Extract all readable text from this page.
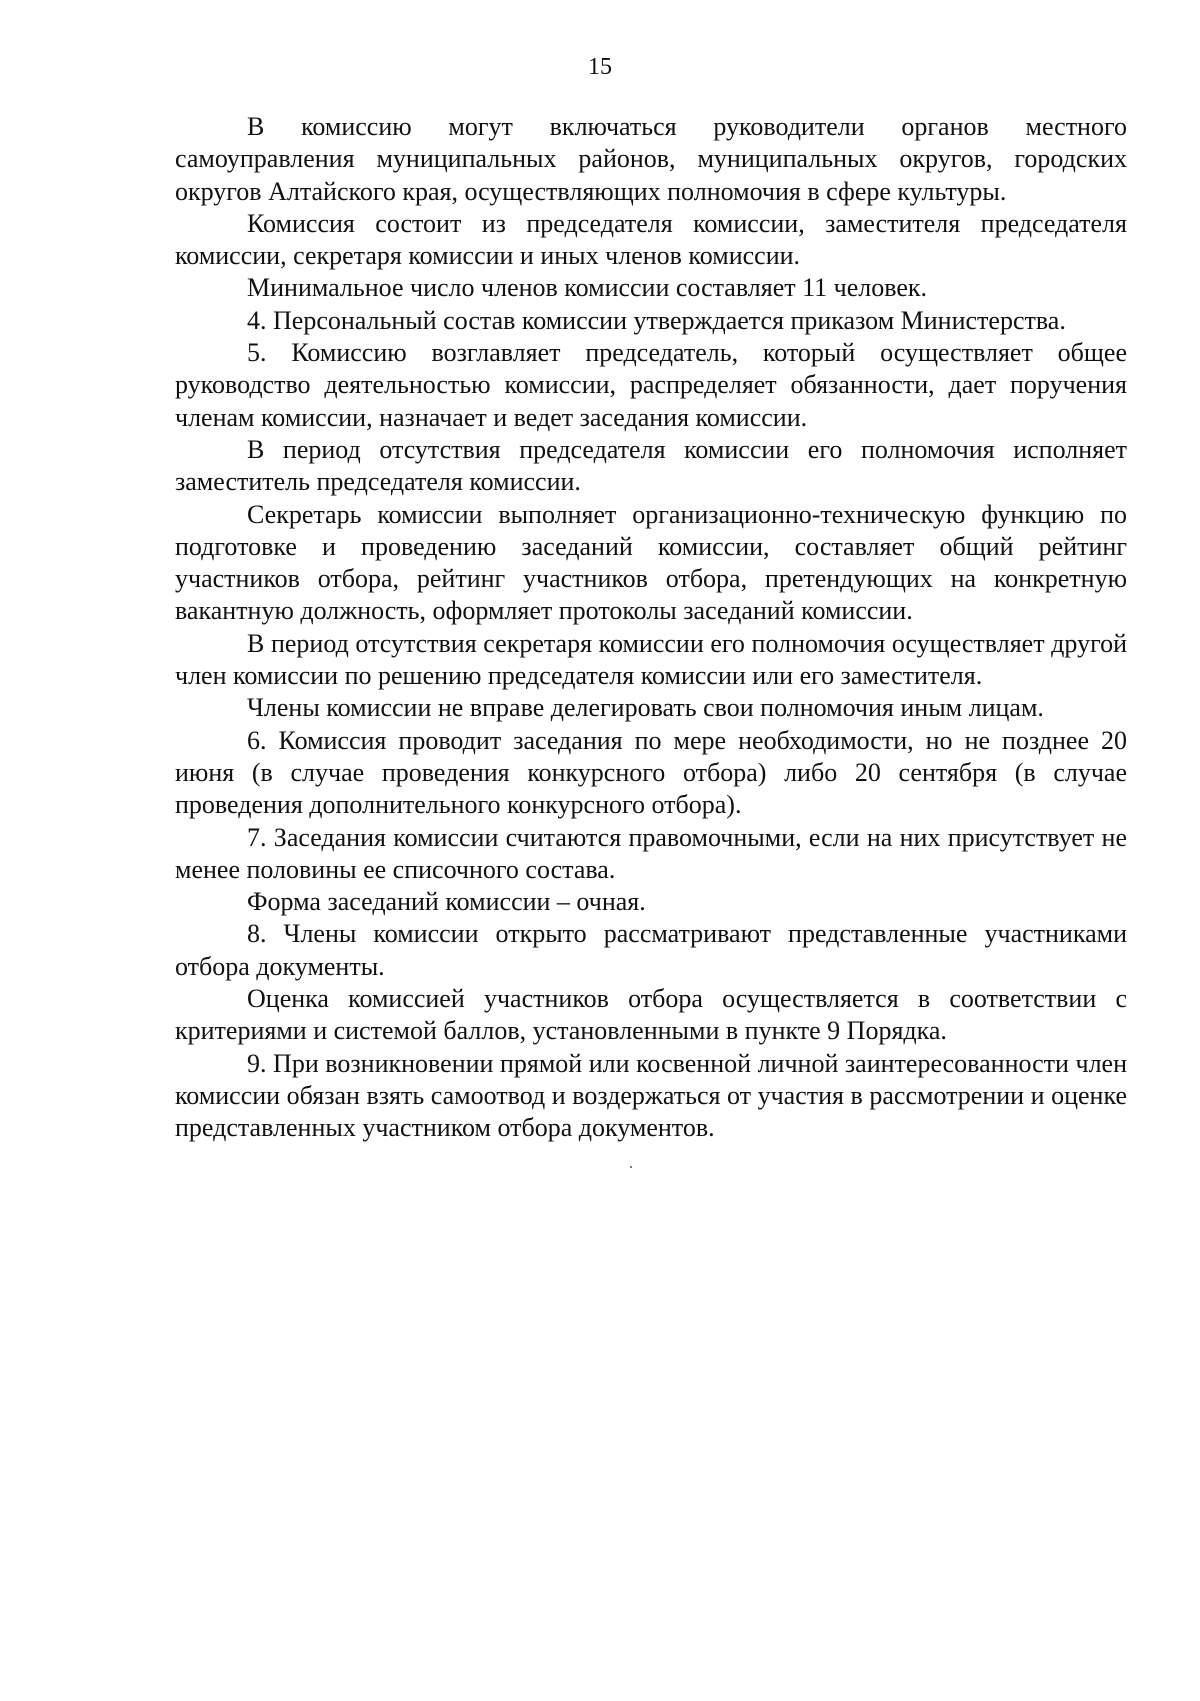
15

В комиссию могут включаться руководители органов местного самоуправления муниципальных районов, муниципальных округов, городских округов Алтайского края, осуществляющих полномочия в сфере культуры.

Комиссия состоит из председателя комиссии, заместителя председателя комиссии, секретаря комиссии и иных членов комиссии.

Минимальное число членов комиссии составляет 11 человек.

4. Персональный состав комиссии утверждается приказом Министерства.

5. Комиссию возглавляет председатель, который осуществляет общее руководство деятельностью комиссии, распределяет обязанности, дает поручения членам комиссии, назначает и ведет заседания комиссии.

В период отсутствия председателя комиссии его полномочия исполняет заместитель председателя комиссии.

Секретарь комиссии выполняет организационно-техническую функцию по подготовке и проведению заседаний комиссии, составляет общий рейтинг участников отбора, рейтинг участников отбора, претендующих на конкретную вакантную должность, оформляет протоколы заседаний комиссии.

В период отсутствия секретаря комиссии его полномочия осуществляет другой член комиссии по решению председателя комиссии или его заместителя.

Члены комиссии не вправе делегировать свои полномочия иным лицам.

6. Комиссия проводит заседания по мере необходимости, но не позднее 20 июня (в случае проведения конкурсного отбора) либо 20 сентября (в случае проведения дополнительного конкурсного отбора).

7. Заседания комиссии считаются правомочными, если на них присутствует не менее половины ее списочного состава.

Форма заседаний комиссии – очная.

8. Члены комиссии открыто рассматривают представленные участниками отбора документы.

Оценка комиссией участников отбора осуществляется в соответствии с критериями и системой баллов, установленными в пункте 9 Порядка.

9. При возникновении прямой или косвенной личной заинтересованности член комиссии обязан взять самоотвод и воздержаться от участия в рассмотрении и оценке представленных участником отбора документов.
